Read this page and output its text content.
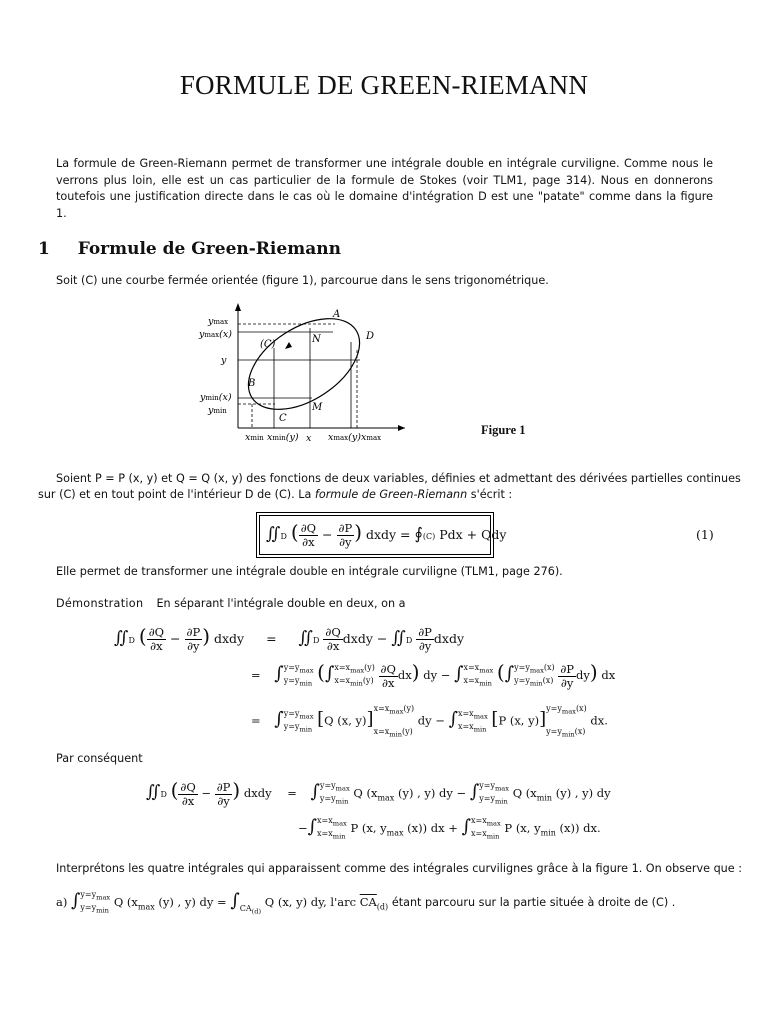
FORMULE DE GREEN-RIEMANN
La formule de Green-Riemann permet de transformer une intégrale double en intégrale curviligne. Comme nous le verrons plus loin, elle est un cas particulier de la formule de Stokes (voir TLM1, page 314). Nous en donnerons toutefois une justification directe dans le cas où le domaine d'intégration D est une "patate" comme dans la figure 1.
1 Formule de Green-Riemann
Soit (C) une courbe fermée orientée (figure 1), parcourue dans le sens trigonométrique.
ymax
ymax(x)
y
ymin(x)
ymin
xmin xmin(y) x xmax(y) xmax
A
D
N
(C)
B
C
M
Figure 1
Soient P = P (x, y) et Q = Q (x, y) des fonctions de deux variables, définies et admettant des dérivées partielles continues
sur (C) et en tout point de l'intérieur D de (C). La formule de Green-Riemann s'écrit :
∬D ( $\frac{\partial Q}{\partial x} - \frac{\partial P}{\partial y}$ ) dxdy = ∮(C) Pdx + Qdy	(1)
Elle permet de transformer une intégrale double en intégrale curviligne (TLM1, page 276).
Démonstration En séparant l'intégrale double en deux, on a
∬D ( $\frac{\partial Q}{\partial x} - \frac{\partial P}{\partial y}$ ) dxdy = ∬D $\frac{\partial Q}{\partial x}$ dxdy − ∬D $\frac{\partial P}{\partial y}$ dxdy
= $\int y=y_{max}$
$y=y_{min}$ ($\int x=x_{max}(y)$
$x=x_{min}(y) \frac{\partial Q}{\partial x} dx$) dy − $\int x=x_{max}$
$x=x_{min}$ ($\int y=y_{max}(x)$
$y=y_{min}(x) \frac{\partial P}{\partial y} dy$) dx
= $\int y=y_{max}$
$y=y_{min}$ [Q (x, $y)]x=x_{max}(y)$

$x=x_{min}(y)$ dy − $\int x=x_{max}$
$x=x_{min}$ [P (x, $y)]y=y_{max}(x)$

$y=y_{min}(x)$ dx.
Par conséquent
∬D ( $\frac{\partial Q}{\partial x} - \frac{\partial P}{\partial y}$ ) dxdy = $\int y=y_{max}$
$y=y_{min}$ Q ($x_{max}$ (y) , y) dy − $\int y=y_{max}$
$y=y_{min}$ Q ($x_{min}$ (y) , y) dy
$-\int x=x_{max}$
$x=x_{min}$ P (x, $y_{max}$ (x)) dx + $\int x=x_{max}$
$x=x_{min}$ P (x, $y_{min}$ (x)) dx.
Interprétons les quatre intégrales qui apparaissent comme des intégrales curvilignes grâce à la figure 1. On observe que :
a) $\int y=y_{max}$
$y=y_{min}$ Q ($x_{max}$ (y) , y) dy = $\int CA_{(d)}$ Q (x, y) dy, l'arc $\overline{CA}_{(d)}$ étant parcouru sur la partie située à droite de (C) .
